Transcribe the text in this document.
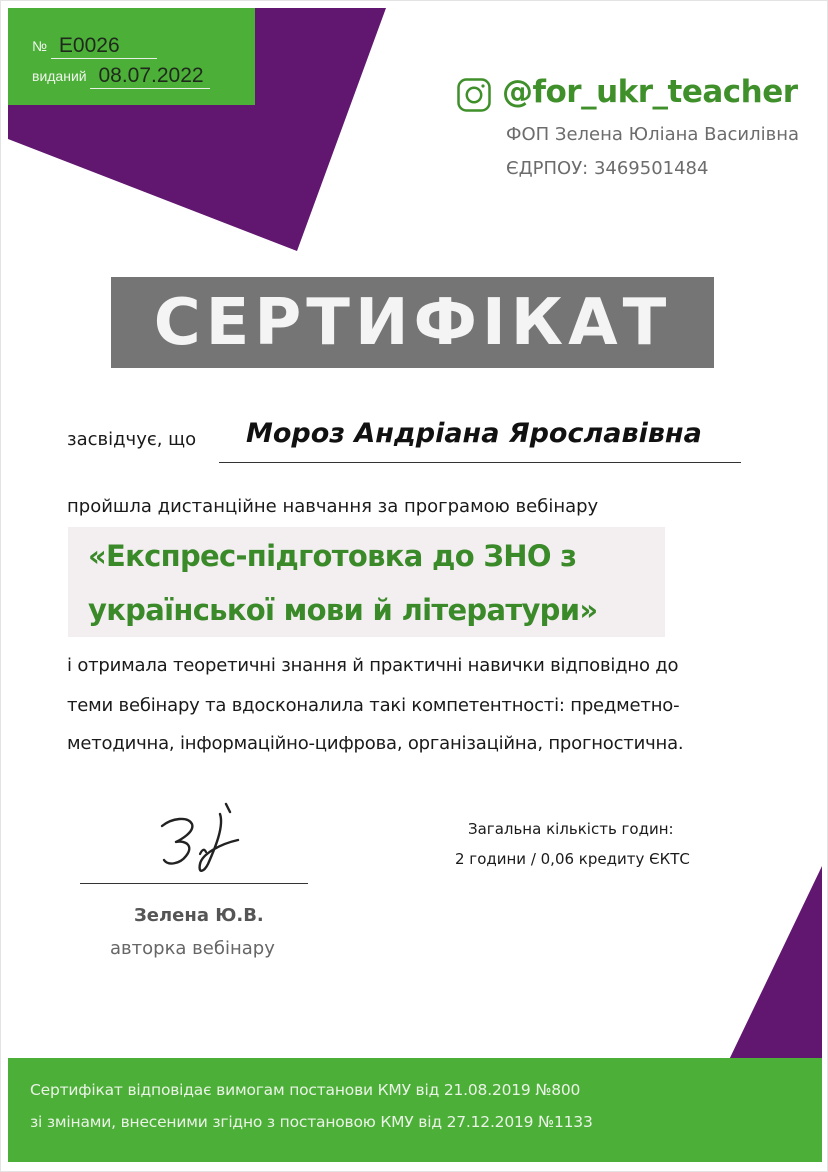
№ E0026
виданий 08.07.2022	@for_ukr_teacher
ФОП Зелена Юліана Василівна
ЄДРПОУ: 3469501484
СЕРТИФІКАТ
засвідчує, що Мороз Андріана Ярославівна
пройшла дистанційне навчання за програмою вебінару
«Експрес-підготовка до ЗНО з
української мови й літератури»
і отримала теоретичні знання й практичні навички відповідно до
теми вебінару та вдосконалила такі компетентності: предметно-
методична, інформаційно-цифрова, організаційна, прогностична.
Зелена Ю.В.
авторка вебінару
Загальна кількість годин:
2 години / 0,06 кредиту ЄКТС
Сертифікат відповідає вимогам постанови КМУ від 21.08.2019 №800
зі змінами, внесеними згідно з постановою КМУ від 27.12.2019 №1133
